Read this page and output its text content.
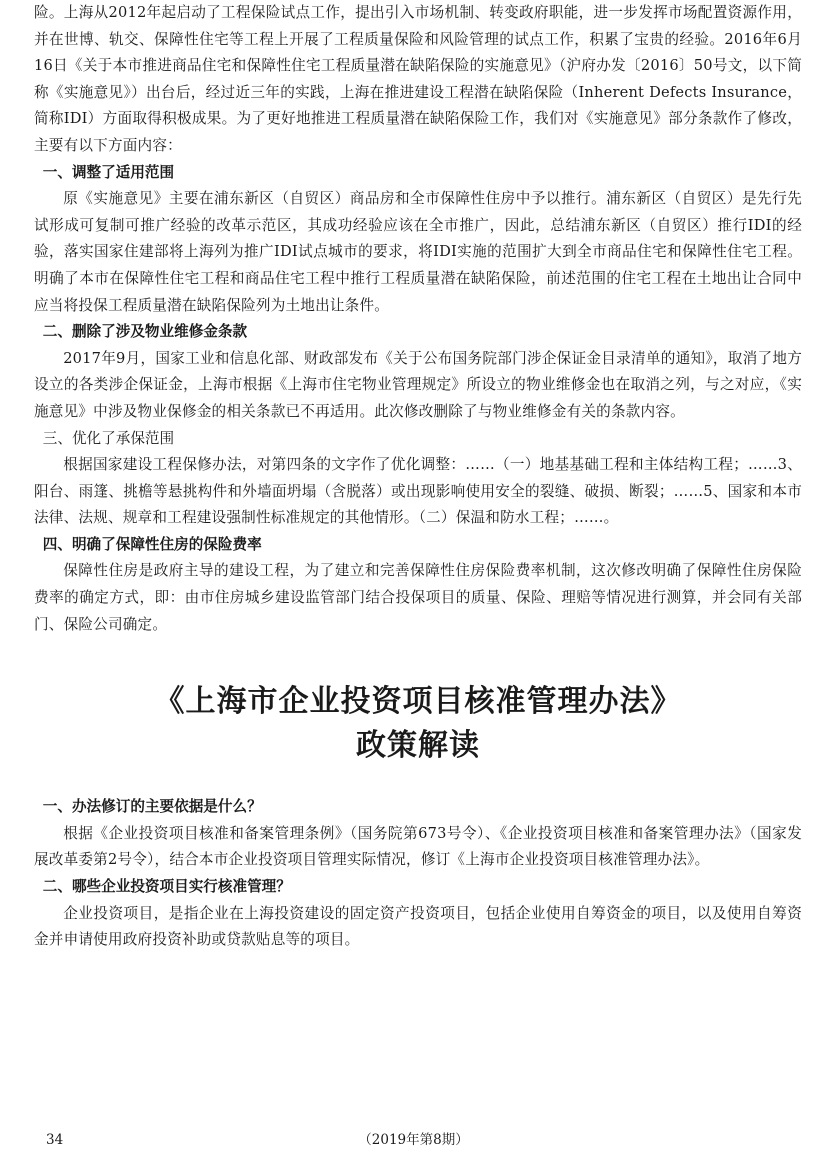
险。上海从2012年起启动了工程保险试点工作，提出引入市场机制、转变政府职能，进一步发挥市场配置资源作用，并在世博、轨交、保障性住宅等工程上开展了工程质量保险和风险管理的试点工作，积累了宝贵的经验。2016年6月16日《关于本市推进商品住宅和保障性住宅工程质量潜在缺陷保险的实施意见》（沪府办发〔2016〕50号文，以下简称《实施意见》）出台后，经过近三年的实践，上海在推进建设工程潜在缺陷保险（Inherent Defects Insurance，简称IDI）方面取得积极成果。为了更好地推进工程质量潜在缺陷保险工作，我们对《实施意见》部分条款作了修改，主要有以下方面内容：

一、调整了适用范围

原《实施意见》主要在浦东新区（自贸区）商品房和全市保障性住房中予以推行。浦东新区（自贸区）是先行先试形成可复制可推广经验的改革示范区，其成功经验应该在全市推广，因此，总结浦东新区（自贸区）推行IDI的经验，落实国家住建部将上海列为推广IDI试点城市的要求，将IDI实施的范围扩大到全市商品住宅和保障性住宅工程。明确了本市在保障性住宅工程和商品住宅工程中推行工程质量潜在缺陷保险，前述范围的住宅工程在土地出让合同中应当将投保工程质量潜在缺陷保险列为土地出让条件。

二、删除了涉及物业维修金条款

2017年9月，国家工业和信息化部、财政部发布《关于公布国务院部门涉企保证金目录清单的通知》，取消了地方设立的各类涉企保证金，上海市根据《上海市住宅物业管理规定》所设立的物业维修金也在取消之列，与之对应，《实施意见》中涉及物业保修金的相关条款已不再适用。此次修改删除了与物业维修金有关的条款内容。

三、优化了承保范围

根据国家建设工程保修办法，对第四条的文字作了优化调整：……（一）地基基础工程和主体结构工程；……3、阳台、雨篷、挑檐等悬挑构件和外墙面坍塌（含脱落）或出现影响使用安全的裂缝、破损、断裂；……5、国家和本市法律、法规、规章和工程建设强制性标准规定的其他情形。（二）保温和防水工程；……。

四、明确了保障性住房的保险费率

保障性住房是政府主导的建设工程，为了建立和完善保障性住房保险费率机制，这次修改明确了保障性住房保险费率的确定方式，即：由市住房城乡建设监管部门结合投保项目的质量、保险、理赔等情况进行测算，并会同有关部门、保险公司确定。

《上海市企业投资项目核准管理办法》

政策解读

一、办法修订的主要依据是什么？

根据《企业投资项目核准和备案管理条例》（国务院第673号令）、《企业投资项目核准和备案管理办法》（国家发展改革委第2号令），结合本市企业投资项目管理实际情况，修订《上海市企业投资项目核准管理办法》。

二、哪些企业投资项目实行核准管理？

企业投资项目，是指企业在上海投资建设的固定资产投资项目，包括企业使用自筹资金的项目，以及使用自筹资金并申请使用政府投资补助或贷款贴息等的项目。

34	（2019年第8期）
